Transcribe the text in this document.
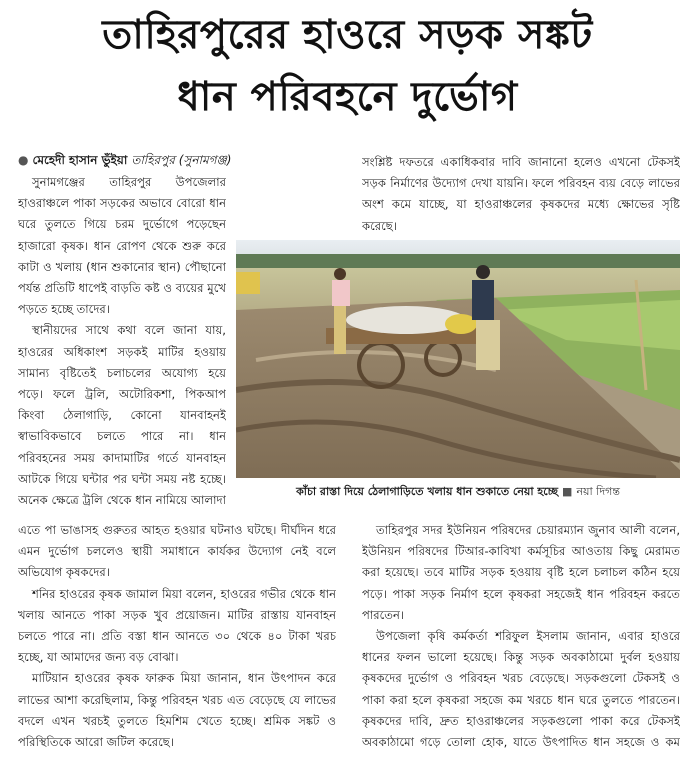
তাহিরপুরের হাওরে সড়ক সঙ্কট
ধান পরিবহনে দুর্ভোগ
● মেহেদী হাসান ভুঁইয়া তাহিরপুর (সুনামগঞ্জ)

সুনামগঞ্জের তাহিরপুর উপজেলার হাওরাঞ্চলে পাকা সড়কের অভাবে বোরো ধান ঘরে তুলতে গিয়ে চরম দুর্ভোগে পড়েছেন হাজারো কৃষক। ধান রোপণ থেকে শুরু করে কাটা ও খলায় (ধান শুকানোর স্থান) পৌছানো পর্যন্ত প্রতিটি ধাপেই বাড়তি কষ্ট ও ব্যয়ের মুখে পড়তে হচ্ছে তাদের।

স্থানীয়দের সাথে কথা বলে জানা যায়, হাওরের অধিকাংশ সড়কই মাটির হওয়ায় সামান্য বৃষ্টিতেই চলাচলের অযোগ্য হয়ে পড়ে। ফলে ট্রলি, অটোরিকশা, পিকআপ কিংবা ঠেলাগাড়ি, কোনো যানবাহনই স্বাভাবিকভাবে চলতে পারে না। ধান পরিবহনের সময় কাদামাটির গর্তে যানবাহন আটকে গিয়ে ঘন্টার পর ঘন্টা সময় নষ্ট হচ্ছে। অনেক ক্ষেত্রে ট্রলি থেকে ধান নামিয়ে আলাদা

সংশ্লিষ্ট দফতরে একাধিকবার দাবি জানানো হলেও এখনো টেকসই সড়ক নির্মাণের উদ্যোগ দেখা যায়নি। ফলে পরিবহন ব্যয় বেড়ে লাভের অংশ কমে যাচ্ছে, যা হাওরাঞ্চলের কৃষকদের মধ্যে ক্ষোভের সৃষ্টি করেছে।

কাঁচা রাস্তা দিয়ে ঠেলাগাড়িতে খলায় ধান শুকাতে নেয়া হচ্ছে ■ নয়া দিগন্ত

এতে পা ভাঙাসহ গুরুতর আহত হওয়ার ঘটনাও ঘটছে। দীর্ঘদিন ধরে এমন দুর্ভোগ চললেও স্থায়ী সমাধানে কার্যকর উদ্যোগ নেই বলে অভিযোগ কৃষকদের।

শনির হাওরের কৃষক জামাল মিয়া বলেন, হাওরের গভীর থেকে ধান খলায় আনতে পাকা সড়ক খুব প্রয়োজন। মাটির রাস্তায় যানবাহন চলতে পারে না। প্রতি বস্তা ধান আনতে ৩০ থেকে ৪০ টাকা খরচ হচ্ছে, যা আমাদের জন্য বড় বোঝা।

মাটিয়ান হাওরের কৃষক ফারুক মিয়া জানান, ধান উৎপাদন করে লাভের আশা করেছিলাম, কিন্তু পরিবহন খরচ এত বেড়েছে যে লাভের বদলে এখন খরচই তুলতে হিমশিম খেতে হচ্ছে। শ্রমিক সঙ্কট ও পরিস্থিতিকে আরো জটিল করেছে।

তাহিরপুর সদর ইউনিয়ন পরিষদের চেয়ারম্যান জুনাব আলী বলেন, ইউনিয়ন পরিষদের টিআর-কাবিখা কর্মসূচির আওতায় কিছু মেরামত করা হয়েছে। তবে মাটির সড়ক হওয়ায় বৃষ্টি হলে চলাচল কঠিন হয়ে পড়ে। পাকা সড়ক নির্মাণ হলে কৃষকরা সহজেই ধান পরিবহন করতে পারতেন।

উপজেলা কৃষি কর্মকর্তা শরিফুল ইসলাম জানান, এবার হাওরে ধানের ফলন ভালো হয়েছে। কিন্তু সড়ক অবকাঠামো দুর্বল হওয়ায় কৃষকদের দুর্ভোগ ও পরিবহন খরচ বেড়েছে। সড়কগুলো টেকসই ও পাকা করা হলে কৃষকরা সহজে কম খরচে ধান ঘরে তুলতে পারতেন। কৃষকদের দাবি, দ্রুত হাওরাঞ্চলের সড়কগুলো পাকা করে টেকসই অবকাঠামো গড়ে তোলা হোক, যাতে উৎপাদিত ধান সহজে ও কম
